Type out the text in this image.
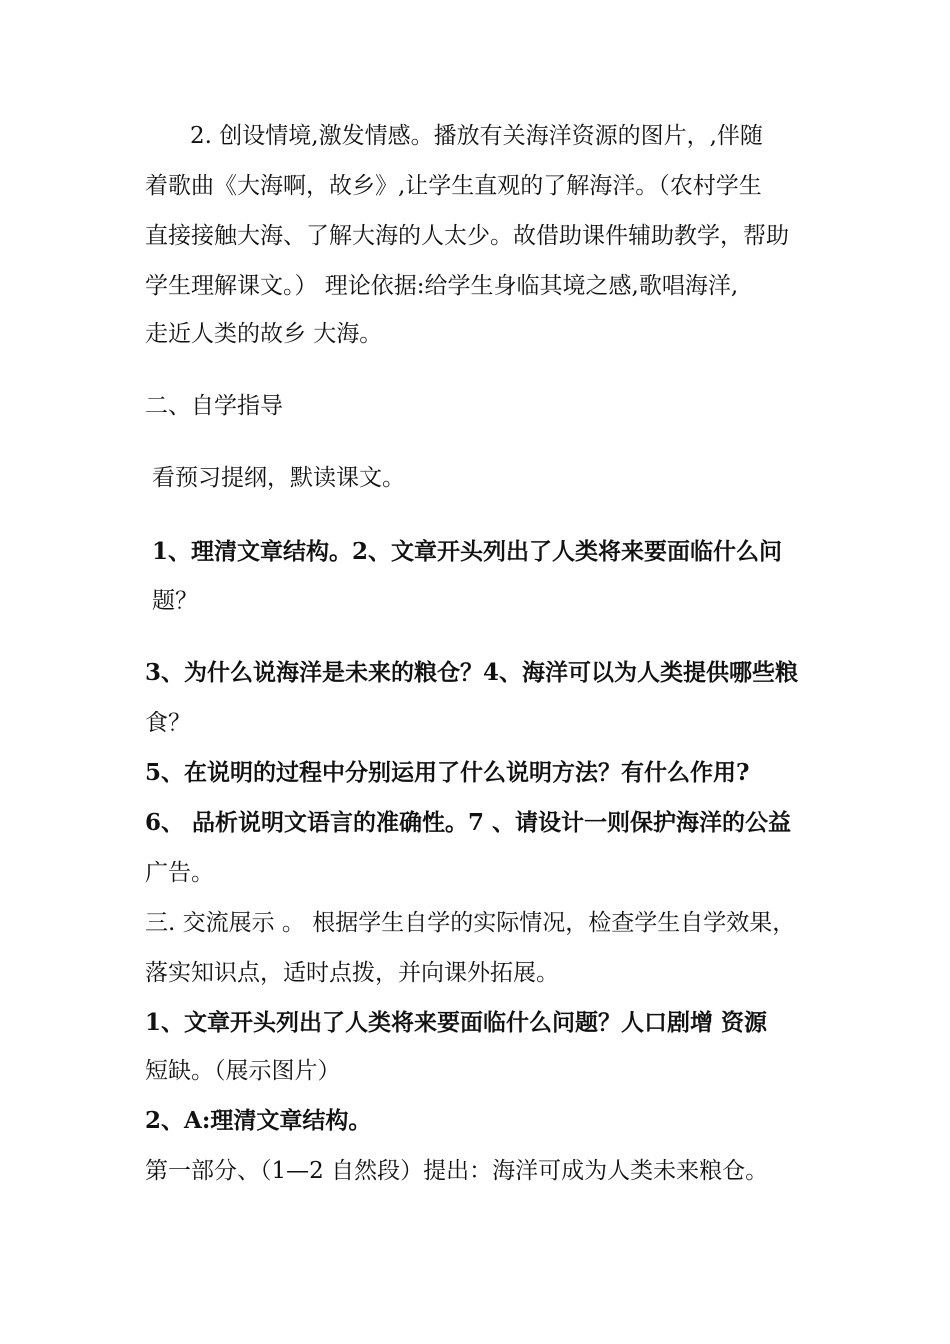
2. 创设情境,激发情感。播放有关海洋资源的图片，,伴随
着歌曲《大海啊，故乡》,让学生直观的了解海洋。（农村学生
直接接触大海、了解大海的人太少。故借助课件辅助教学，帮助
学生理解课文。） 理论依据:给学生身临其境之感,歌唱海洋,
走近人类的故乡 大海。
二、自学指导
看预习提纲，默读课文。
1、理清文章结构。2、文章开头列出了人类将来要面临什么问
题？
3、为什么说海洋是未来的粮仓？4、海洋可以为人类提供哪些粮
食？
5、在说明的过程中分别运用了什么说明方法？有什么作用?
6、 品析说明文语言的准确性。7 、请设计一则保护海洋的公益
广告。
三. 交流展示 。 根据学生自学的实际情况，检查学生自学效果，
落实知识点，适时点拨，并向课外拓展。
1、文章开头列出了人类将来要面临什么问题？人口剧增 资源
短缺。（展示图片）
2、A:理清文章结构。
第一部分、（1—2 自然段）提出：海洋可成为人类未来粮仓。
